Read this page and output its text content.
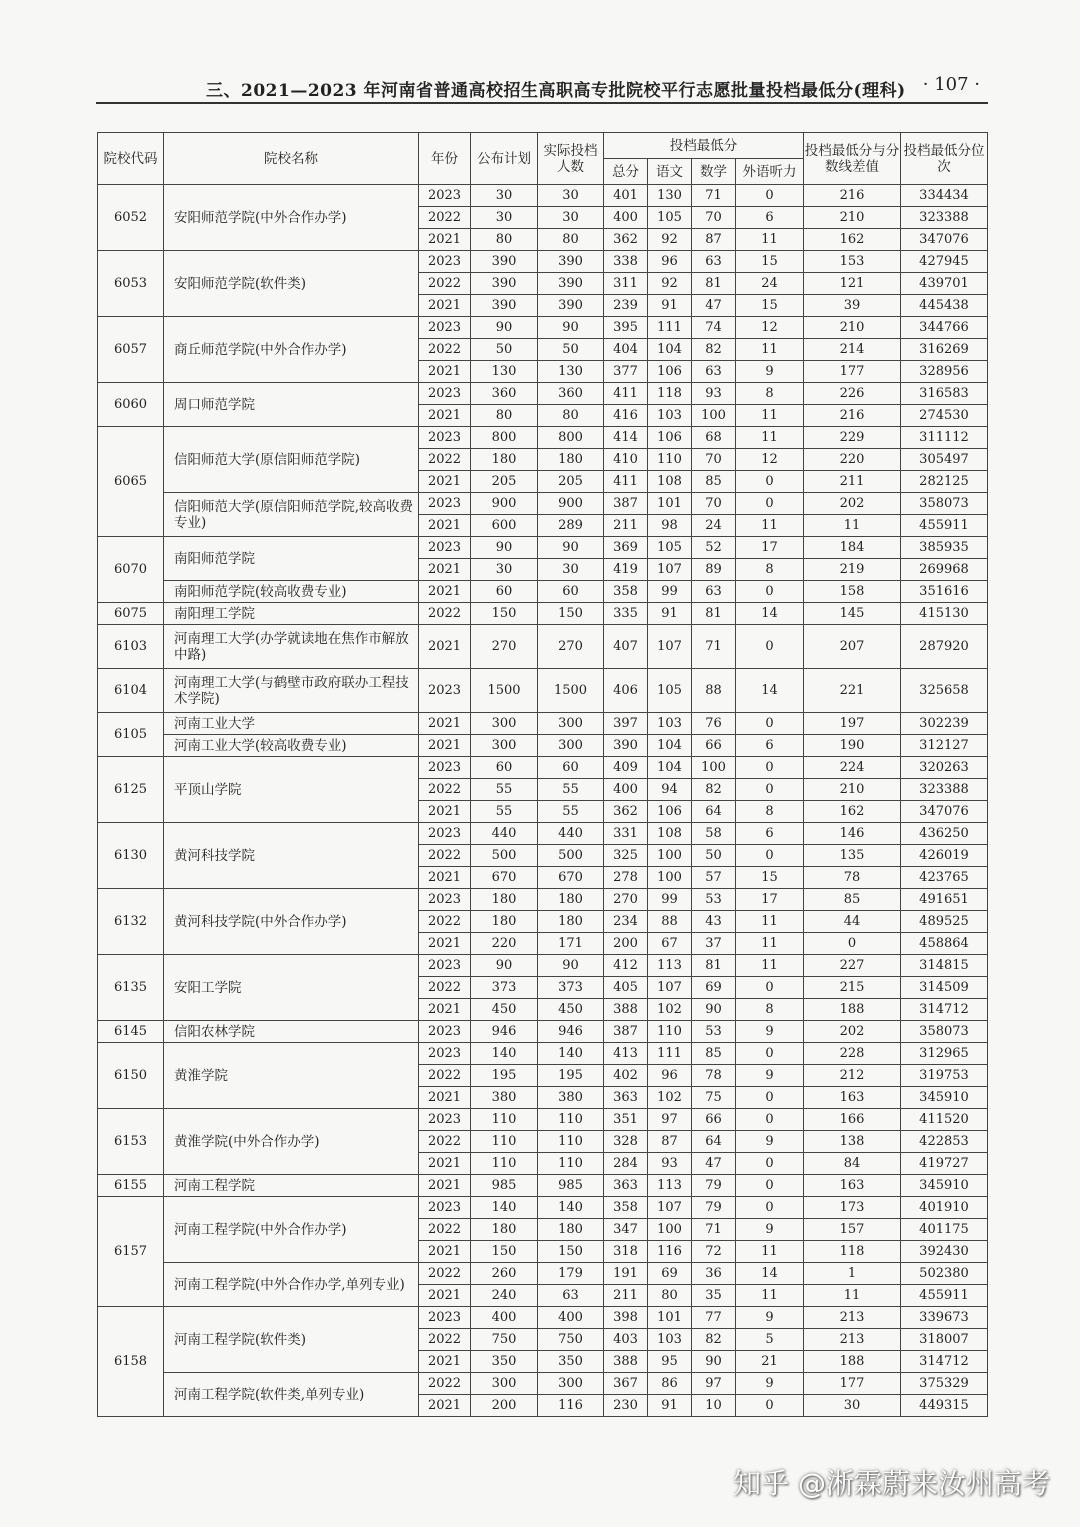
三、2021—2023 年河南省普通高校招生高职高专批院校平行志愿批量投档最低分(理科) · 107 ·
院校代码	院校名称	年份	公布计划	实际投档人数	投档最低分				投档最低分与分数线差值	投档最低分位次
					总分	语文	数学	外语听力		
6052	安阳师范学院(中外合作办学)	2023	30	30	401	130	71	0	216	334434
		2022	30	30	400	105	70	6	210	323388
		2021	80	80	362	92	87	11	162	347076
6053	安阳师范学院(软件类)	2023	390	390	338	96	63	15	153	427945
		2022	390	390	311	92	81	24	121	439701
		2021	390	390	239	91	47	15	39	445438
6057	商丘师范学院(中外合作办学)	2023	90	90	395	111	74	12	210	344766
		2022	50	50	404	104	82	11	214	316269
		2021	130	130	377	106	63	9	177	328956
6060	周口师范学院	2023	360	360	411	118	93	8	226	316583
		2021	80	80	416	103	100	11	216	274530
6065	信阳师范大学(原信阳师范学院)	2023	800	800	414	106	68	11	229	311112
		2022	180	180	410	110	70	12	220	305497
		2021	205	205	411	108	85	0	211	282125
	信阳师范大学(原信阳师范学院,较高收费专业)	2023	900	900	387	101	70	0	202	358073
		2021	600	289	211	98	24	11	11	455911
6070	南阳师范学院	2023	90	90	369	105	52	17	184	385935
		2021	30	30	419	107	89	8	219	269968
	南阳师范学院(较高收费专业)	2021	60	60	358	99	63	0	158	351616
6075	南阳理工学院	2022	150	150	335	91	81	14	145	415130
6103	河南理工大学(办学就读地在焦作市解放中路)	2021	270	270	407	107	71	0	207	287920
6104	河南理工大学(与鹤壁市政府联办工程技术学院)	2023	1500	1500	406	105	88	14	221	325658
6105	河南工业大学	2021	300	300	397	103	76	0	197	302239
	河南工业大学(较高收费专业)	2021	300	300	390	104	66	6	190	312127
6125	平顶山学院	2023	60	60	409	104	100	0	224	320263
		2022	55	55	400	94	82	0	210	323388
		2021	55	55	362	106	64	8	162	347076
6130	黄河科技学院	2023	440	440	331	108	58	6	146	436250
		2022	500	500	325	100	50	0	135	426019
		2021	670	670	278	100	57	15	78	423765
6132	黄河科技学院(中外合作办学)	2023	180	180	270	99	53	17	85	491651
		2022	180	180	234	88	43	11	44	489525
		2021	220	171	200	67	37	11	0	458864
6135	安阳工学院	2023	90	90	412	113	81	11	227	314815
		2022	373	373	405	107	69	0	215	314509
		2021	450	450	388	102	90	8	188	314712
6145	信阳农林学院	2023	946	946	387	110	53	9	202	358073
6150	黄淮学院	2023	140	140	413	111	85	0	228	312965
		2022	195	195	402	96	78	9	212	319753
		2021	380	380	363	102	75	0	163	345910
6153	黄淮学院(中外合作办学)	2023	110	110	351	97	66	0	166	411520
		2022	110	110	328	87	64	9	138	422853
		2021	110	110	284	93	47	0	84	419727
6155	河南工程学院	2021	985	985	363	113	79	0	163	345910
6157	河南工程学院(中外合作办学)	2023	140	140	358	107	79	0	173	401910
		2022	180	180	347	100	71	9	157	401175
		2021	150	150	318	116	72	11	118	392430
	河南工程学院(中外合作办学,单列专业)	2022	260	179	191	69	36	14	1	502380
		2021	240	63	211	80	35	11	11	455911
6158	河南工程学院(软件类)	2023	400	400	398	101	77	9	213	339673
		2022	750	750	403	103	82	5	213	318007
		2021	350	350	388	95	90	21	188	314712
	河南工程学院(软件类,单列专业)	2022	300	300	367	86	97	9	177	375329
		2021	200	116	230	91	10	0	30	449315
知乎 @淅霖蔚来汝州高考
